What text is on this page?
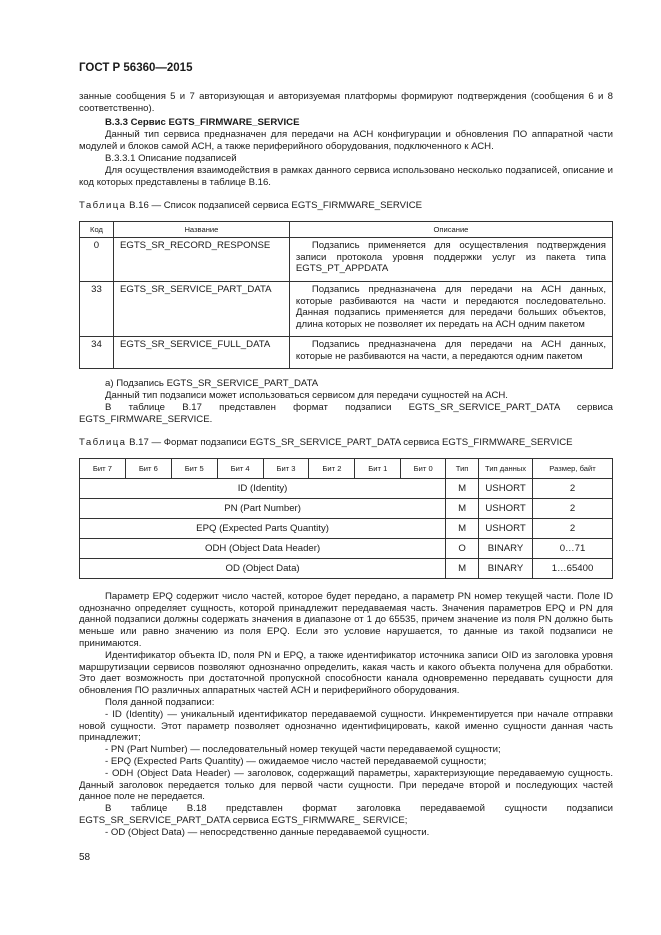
ГОСТ Р 56360—2015

занные сообщения 5 и 7 авторизующая и авторизуемая платформы формируют подтверждения (сообщения 6 и 8 соответственно).

B.3.3 Сервис EGTS_FIRMWARE_SERVICE

Данный тип сервиса предназначен для передачи на АСН конфигурации и обновления ПО аппаратной части модулей и блоков самой АСН, а также периферийного оборудования, подключенного к АСН.

B.3.3.1 Описание подзаписей

Для осуществления взаимодействия в рамках данного сервиса использовано несколько подзаписей, описание и код которых представлены в таблице B.16.

Таблица B.16 — Список подзаписей сервиса EGTS_FIRMWARE_SERVICE
Код	Название	Описание
0	EGTS_SR_RECORD_RESPONSE	Подзапись применяется для осуществления подтверждения записи протокола уровня поддержки услуг из пакета типа EGTS_PT_APPDATA
33	EGTS_SR_SERVICE_PART_DATA	Подзапись предназначена для передачи на АСН данных, которые разбиваются на части и передаются последовательно. Данная подзапись применяется для передачи больших объектов, длина которых не позволяет их передать на АСН одним пакетом
34	EGTS_SR_SERVICE_FULL_DATA	Подзапись предназначена для передачи на АСН данных, которые не разбиваются на части, а передаются одним пакетом

а) Подзапись EGTS_SR_SERVICE_PART_DATA

Данный тип подзаписи может использоваться сервисом для передачи сущностей на АСН.

В таблице B.17 представлен формат подзаписи EGTS_SR_SERVICE_PART_DATA сервиса EGTS_FIRMWARE_SERVICE.

Таблица B.17 — Формат подзаписи EGTS_SR_SERVICE_PART_DATA сервиса EGTS_FIRMWARE_SERVICE
Бит 7	Бит 6	Бит 5	Бит 4	Бит 3	Бит 2	Бит 1	Бит 0	Тип	Тип данных	Размер, байт
ID (Identity)								M	USHORT	2
PN (Part Number)								M	USHORT	2
EPQ (Expected Parts Quantity)								M	USHORT	2
ODH (Object Data Header)								O	BINARY	0…71
OD (Object Data)								M	BINARY	1…65400

Параметр EPQ содержит число частей, которое будет передано, а параметр PN номер текущей части. Поле ID однозначно определяет сущность, которой принадлежит передаваемая часть. Значения параметров EPQ и PN для данной подзаписи должны содержать значения в диапазоне от 1 до 65535, причем значение из поля PN должно быть меньше или равно значению из поля EPQ. Если это условие нарушается, то данные из такой подзаписи не принимаются.

Идентификатор объекта ID, поля PN и EPQ, а также идентификатор источника записи OID из заголовка уровня маршрутизации сервисов позволяют однозначно определить, какая часть и какого объекта получена для обработки. Это дает возможность при достаточной пропускной способности канала одновременно передавать сущности для обновления ПО различных аппаратных частей АСН и периферийного оборудования.

Поля данной подзаписи:

- ID (Identity) — уникальный идентификатор передаваемой сущности. Инкрементируется при начале отправки новой сущности. Этот параметр позволяет однозначно идентифицировать, какой именно сущности данная часть принадлежит;

- PN (Part Number) — последовательный номер текущей части передаваемой сущности;

- EPQ (Expected Parts Quantity) — ожидаемое число частей передаваемой сущности;

- ODH (Object Data Header) — заголовок, содержащий параметры, характеризующие передаваемую сущность. Данный заголовок передается только для первой части сущности. При передаче второй и последующих частей данное поле не передается.

В таблице B.18 представлен формат заголовка передаваемой сущности подзаписи EGTS_SR_SERVICE_PART_DATA сервиса EGTS_FIRMWARE_ SERVICE;

- OD (Object Data) — непосредственно данные передаваемой сущности.

58
